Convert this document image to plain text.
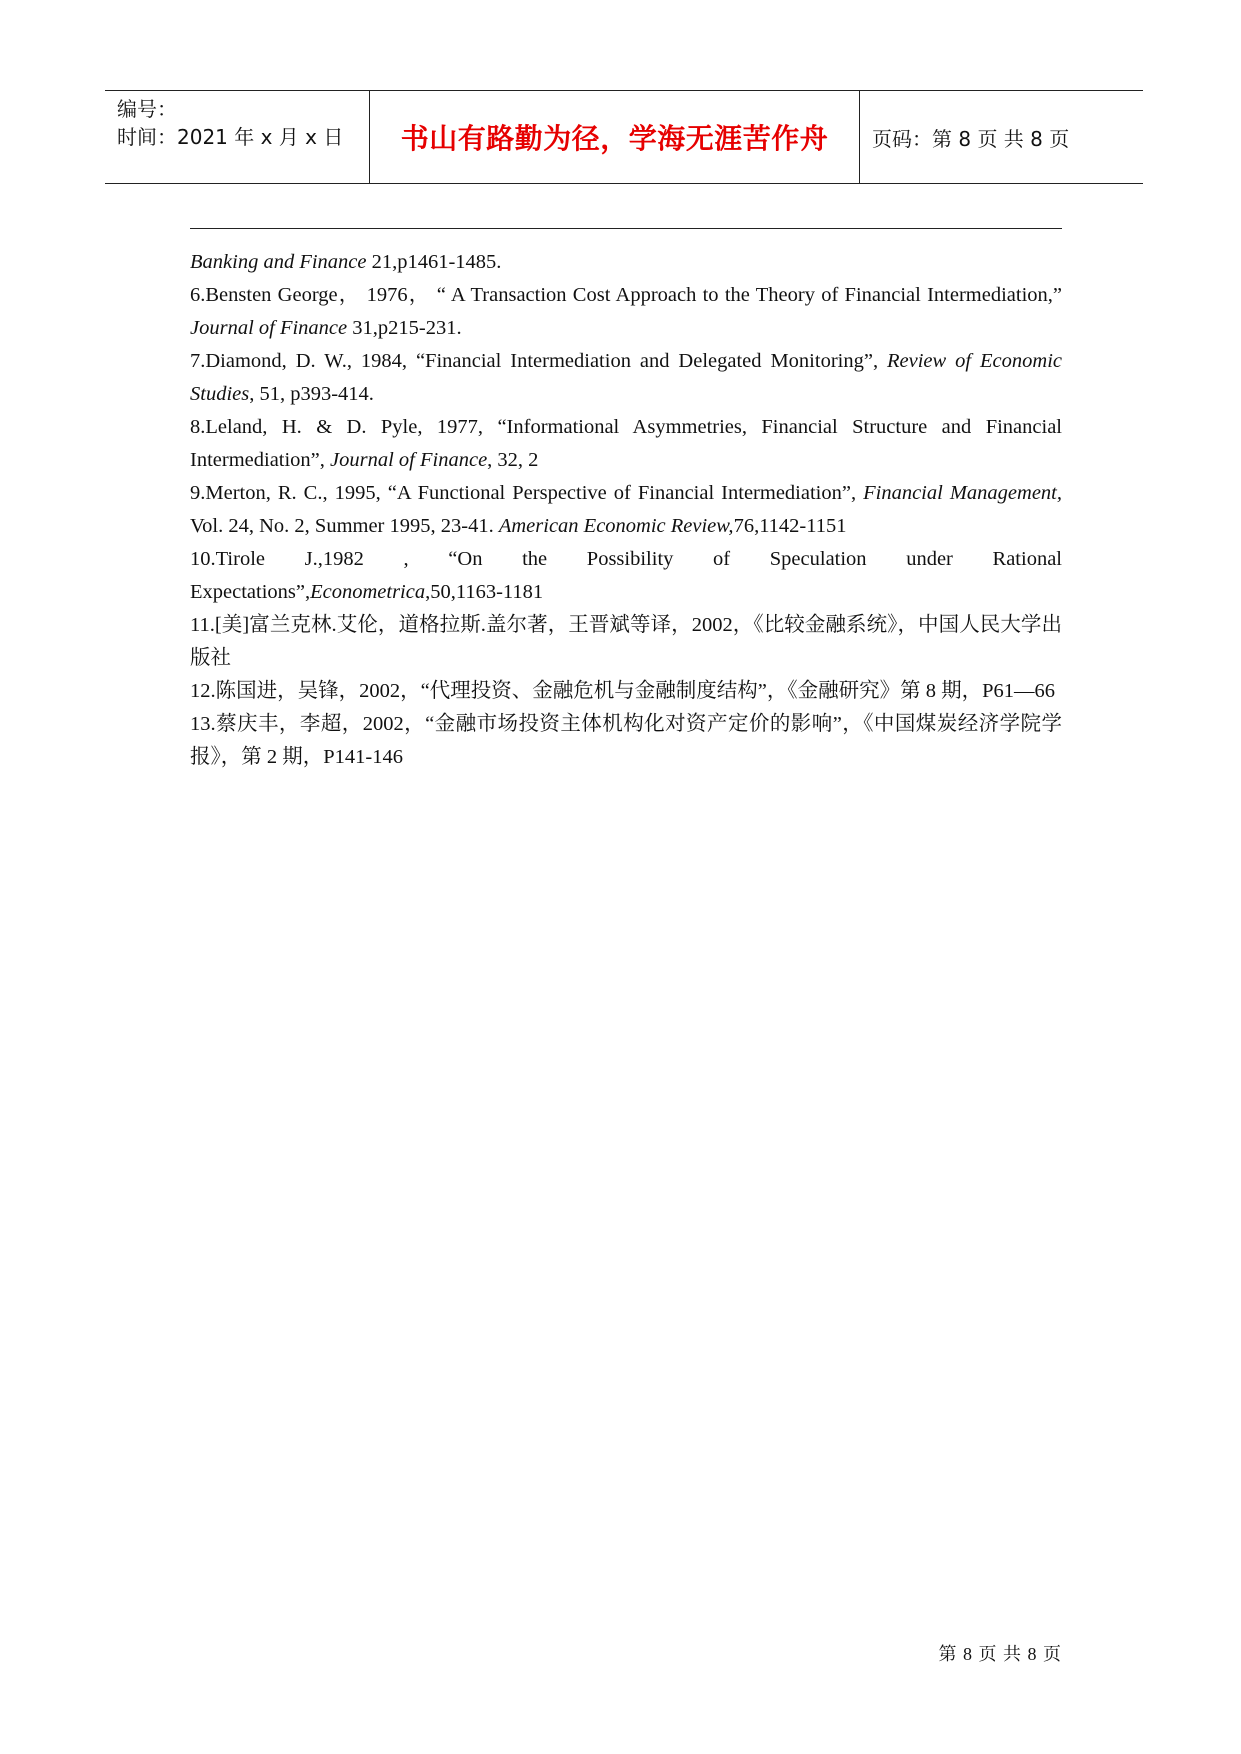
编号：
时间：2021 年 x 月 x 日	书山有路勤为径，学海无涯苦作舟	页码：第 8 页 共 8 页

Banking and Finance 21,p1461-1485.

6.Bensten George， 1976， “ A Transaction Cost Approach to the Theory of Financial Intermediation,” Journal of Finance 31,p215-231.

7.Diamond, D. W., 1984, “Financial Intermediation and Delegated Monitoring”, Review of Economic Studies, 51, p393-414.

8.Leland, H. & D. Pyle, 1977, “Informational Asymmetries, Financial Structure and Financial Intermediation”, Journal of Finance, 32, 2

9.Merton, R. C., 1995, “A Functional Perspective of Financial Intermediation”, Financial Management, Vol. 24, No. 2, Summer 1995, 23-41. American Economic Review,76,1142-1151

10.Tirole J.,1982 , “On the Possibility of Speculation under Rational Expectations”,Econometrica,50,1163-1181

11.[美]富兰克林.艾伦，道格拉斯.盖尔著，王晋斌等译，2002，《比较金融系统》，中国人民大学出版社

12.陈国进，吴锋，2002，“代理投资、金融危机与金融制度结构”，《金融研究》第 8 期，P61—66

13.蔡庆丰，李超，2002，“金融市场投资主体机构化对资产定价的影响”，《中国煤炭经济学院学报》，第 2 期，P141-146

第 8 页 共 8 页
